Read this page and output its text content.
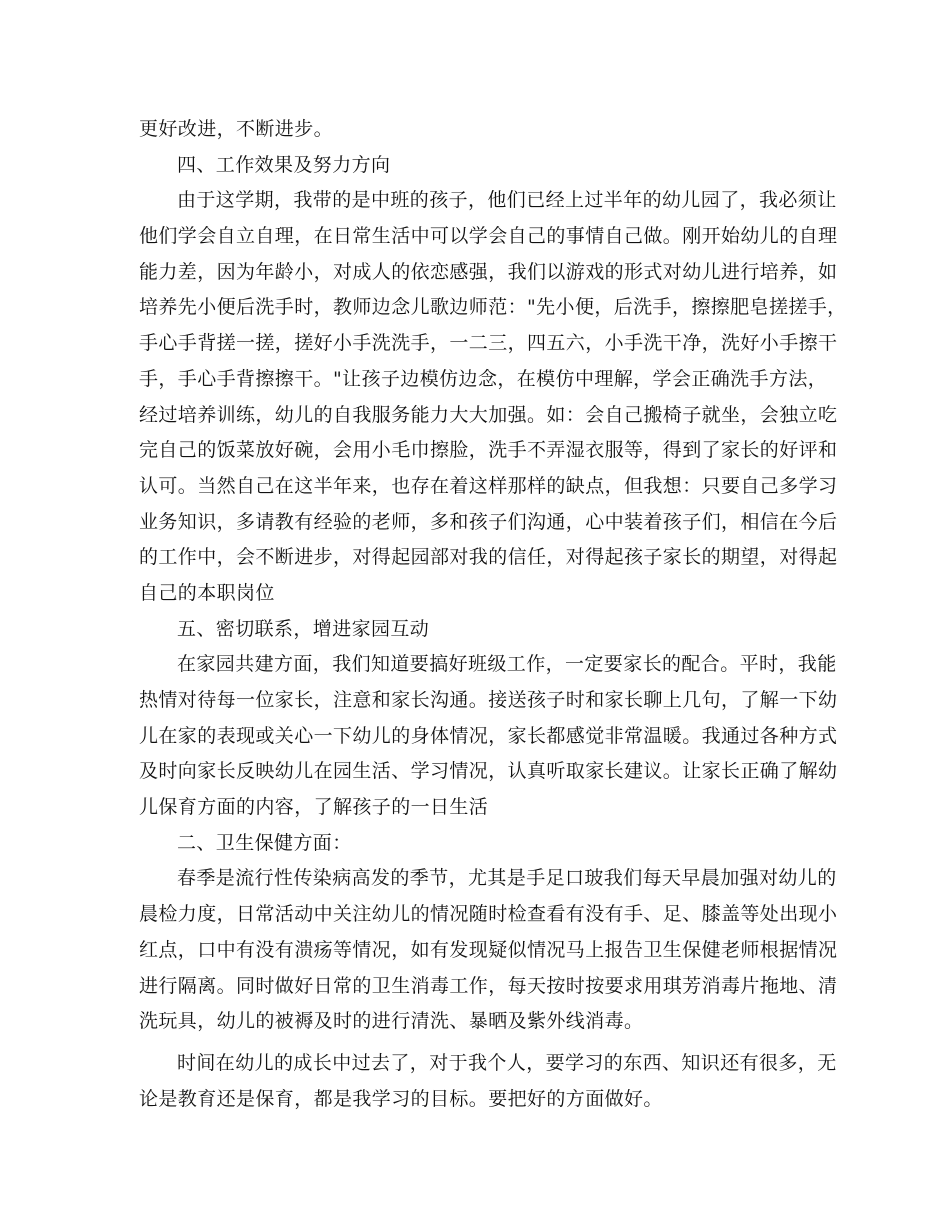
更好改进，不断进步。
四、工作效果及努力方向
由于这学期，我带的是中班的孩子，他们已经上过半年的幼儿园了，我必须让
他们学会自立自理，在日常生活中可以学会自己的事情自己做。刚开始幼儿的自理
能力差，因为年龄小，对成人的依恋感强，我们以游戏的形式对幼儿进行培养，如
培养先小便后洗手时，教师边念儿歌边师范："先小便，后洗手，擦擦肥皂搓搓手，
手心手背搓一搓，搓好小手洗洗手，一二三，四五六，小手洗干净，洗好小手擦干
手，手心手背擦擦干。"让孩子边模仿边念，在模仿中理解，学会正确洗手方法，
经过培养训练，幼儿的自我服务能力大大加强。如：会自己搬椅子就坐，会独立吃
完自己的饭菜放好碗，会用小毛巾擦脸，洗手不弄湿衣服等，得到了家长的好评和
认可。当然自己在这半年来，也存在着这样那样的缺点，但我想：只要自己多学习
业务知识，多请教有经验的老师，多和孩子们沟通，心中装着孩子们，相信在今后
的工作中，会不断进步，对得起园部对我的信任，对得起孩子家长的期望，对得起
自己的本职岗位
五、密切联系，增进家园互动
在家园共建方面，我们知道要搞好班级工作，一定要家长的配合。平时，我能
热情对待每一位家长，注意和家长沟通。接送孩子时和家长聊上几句，了解一下幼
儿在家的表现或关心一下幼儿的身体情况，家长都感觉非常温暖。我通过各种方式
及时向家长反映幼儿在园生活、学习情况，认真听取家长建议。让家长正确了解幼
儿保育方面的内容，了解孩子的一日生活
二、卫生保健方面：
春季是流行性传染病高发的季节，尤其是手足口玻我们每天早晨加强对幼儿的
晨检力度，日常活动中关注幼儿的情况随时检查看有没有手、足、膝盖等处出现小
红点，口中有没有溃疡等情况，如有发现疑似情况马上报告卫生保健老师根据情况
进行隔离。同时做好日常的卫生消毒工作，每天按时按要求用琪芳消毒片拖地、清
洗玩具，幼儿的被褥及时的进行清洗、暴晒及紫外线消毒。
时间在幼儿的成长中过去了，对于我个人，要学习的东西、知识还有很多，无
论是教育还是保育，都是我学习的目标。要把好的方面做好。
